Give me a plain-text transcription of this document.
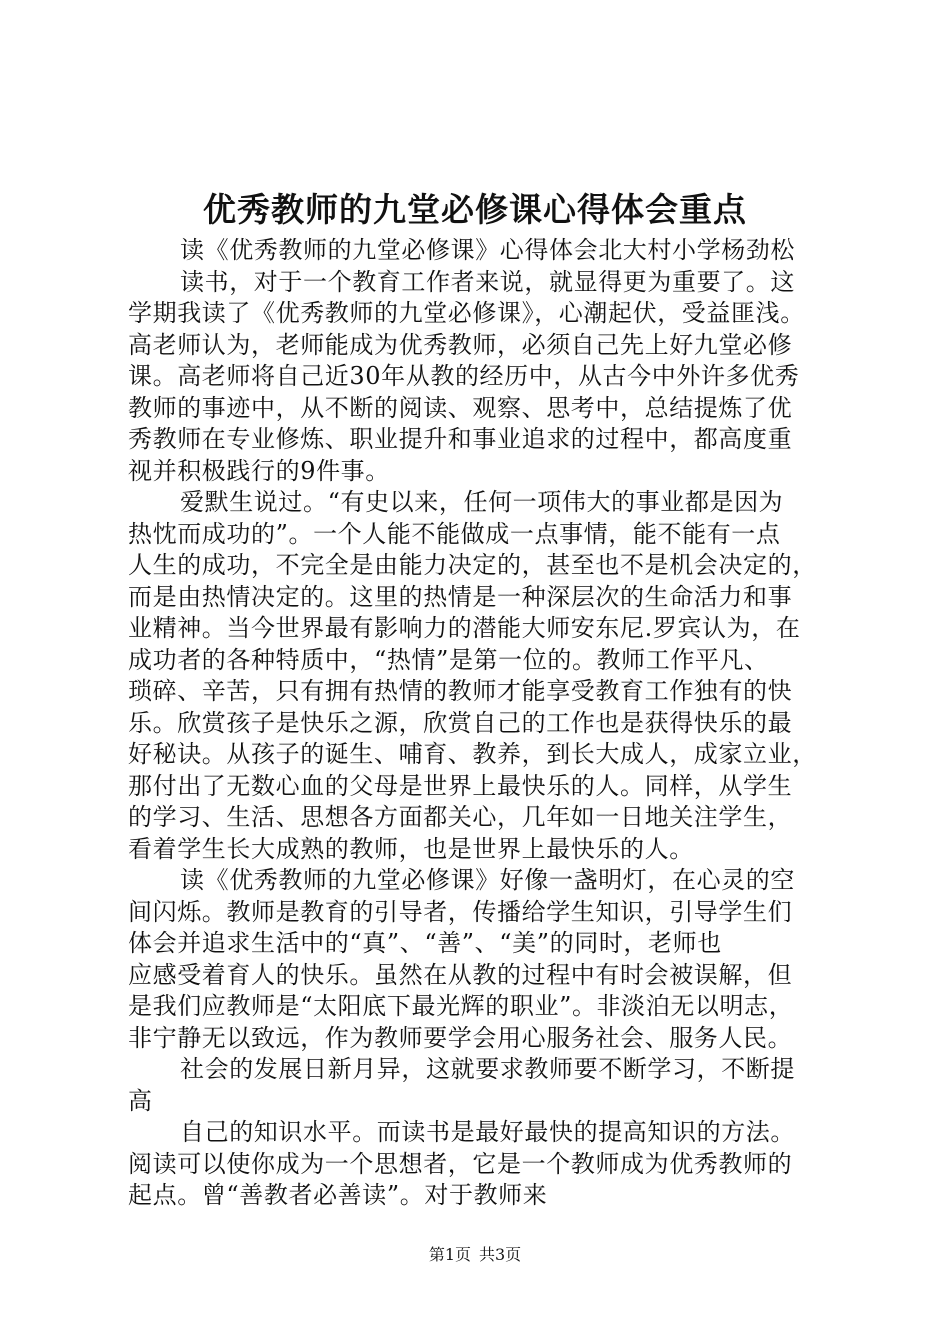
优秀教师的九堂必修课心得体会重点
读《优秀教师的九堂必修课》心得体会北大村小学杨劲松
读书，对于一个教育工作者来说，就显得更为重要了。这
学期我读了《优秀教师的九堂必修课》，心潮起伏，受益匪浅。
高老师认为，老师能成为优秀教师，必须自己先上好九堂必修
课。高老师将自己近30年从教的经历中，从古今中外许多优秀
教师的事迹中，从不断的阅读、观察、思考中，总结提炼了优
秀教师在专业修炼、职业提升和事业追求的过程中，都高度重
视并积极践行的9件事。
爱默生说过。“有史以来，任何一项伟大的事业都是因为
热忱而成功的”。一个人能不能做成一点事情，能不能有一点
人生的成功，不完全是由能力决定的，甚至也不是机会决定的，
而是由热情决定的。这里的热情是一种深层次的生命活力和事
业精神。当今世界最有影响力的潜能大师安东尼.罗宾认为，在
成功者的各种特质中，“热情”是第一位的。教师工作平凡、
琐碎、辛苦，只有拥有热情的教师才能享受教育工作独有的快
乐。欣赏孩子是快乐之源，欣赏自己的工作也是获得快乐的最
好秘诀。从孩子的诞生、哺育、教养，到长大成人，成家立业，
那付出了无数心血的父母是世界上最快乐的人。同样，从学生
的学习、生活、思想各方面都关心，几年如一日地关注学生，
看着学生长大成熟的教师，也是世界上最快乐的人。
读《优秀教师的九堂必修课》好像一盏明灯，在心灵的空
间闪烁。教师是教育的引导者，传播给学生知识，引导学生们
体会并追求生活中的“真”、“善”、“美”的同时，老师也
应感受着育人的快乐。虽然在从教的过程中有时会被误解，但
是我们应教师是“太阳底下最光辉的职业”。非淡泊无以明志，
非宁静无以致远，作为教师要学会用心服务社会、服务人民。
社会的发展日新月异，这就要求教师要不断学习，不断提
高
自己的知识水平。而读书是最好最快的提高知识的方法。
阅读可以使你成为一个思想者，它是一个教师成为优秀教师的
起点。曾“善教者必善读”。对于教师来
第1页 共3页
